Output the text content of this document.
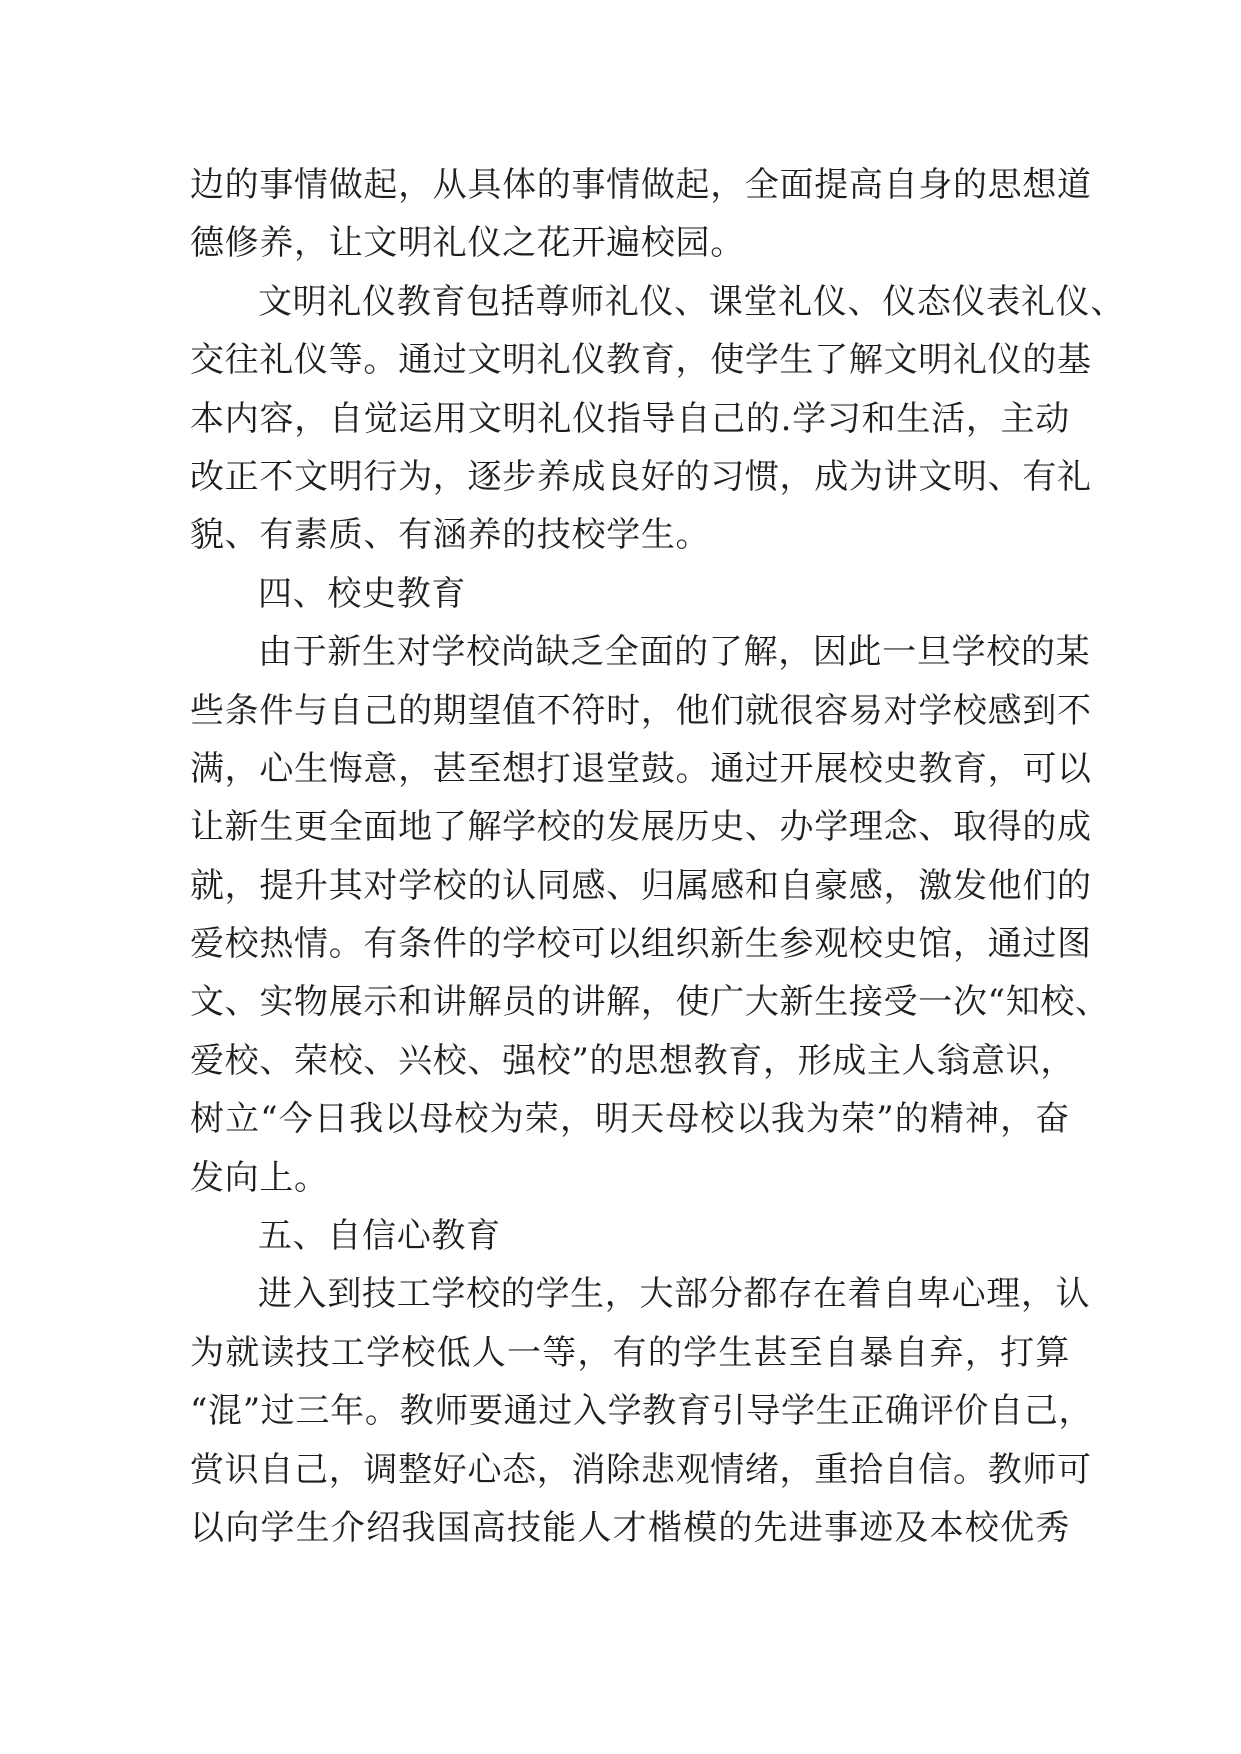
边的事情做起，从具体的事情做起，全面提高自身的思想道
德修养，让文明礼仪之花开遍校园。
文明礼仪教育包括尊师礼仪、课堂礼仪、仪态仪表礼仪、
交往礼仪等。通过文明礼仪教育，使学生了解文明礼仪的基
本内容，自觉运用文明礼仪指导自己的.学习和生活，主动
改正不文明行为，逐步养成良好的习惯，成为讲文明、有礼
貌、有素质、有涵养的技校学生。
四、校史教育
由于新生对学校尚缺乏全面的了解，因此一旦学校的某
些条件与自己的期望值不符时，他们就很容易对学校感到不
满，心生悔意，甚至想打退堂鼓。通过开展校史教育，可以
让新生更全面地了解学校的发展历史、办学理念、取得的成
就，提升其对学校的认同感、归属感和自豪感，激发他们的
爱校热情。有条件的学校可以组织新生参观校史馆，通过图
文、实物展示和讲解员的讲解，使广大新生接受一次“知校、
爱校、荣校、兴校、强校”的思想教育，形成主人翁意识，
树立“今日我以母校为荣，明天母校以我为荣”的精神，奋
发向上。
五、自信心教育
进入到技工学校的学生，大部分都存在着自卑心理，认
为就读技工学校低人一等，有的学生甚至自暴自弃，打算
“混”过三年。教师要通过入学教育引导学生正确评价自己，
赏识自己，调整好心态，消除悲观情绪，重拾自信。教师可
以向学生介绍我国高技能人才楷模的先进事迹及本校优秀
